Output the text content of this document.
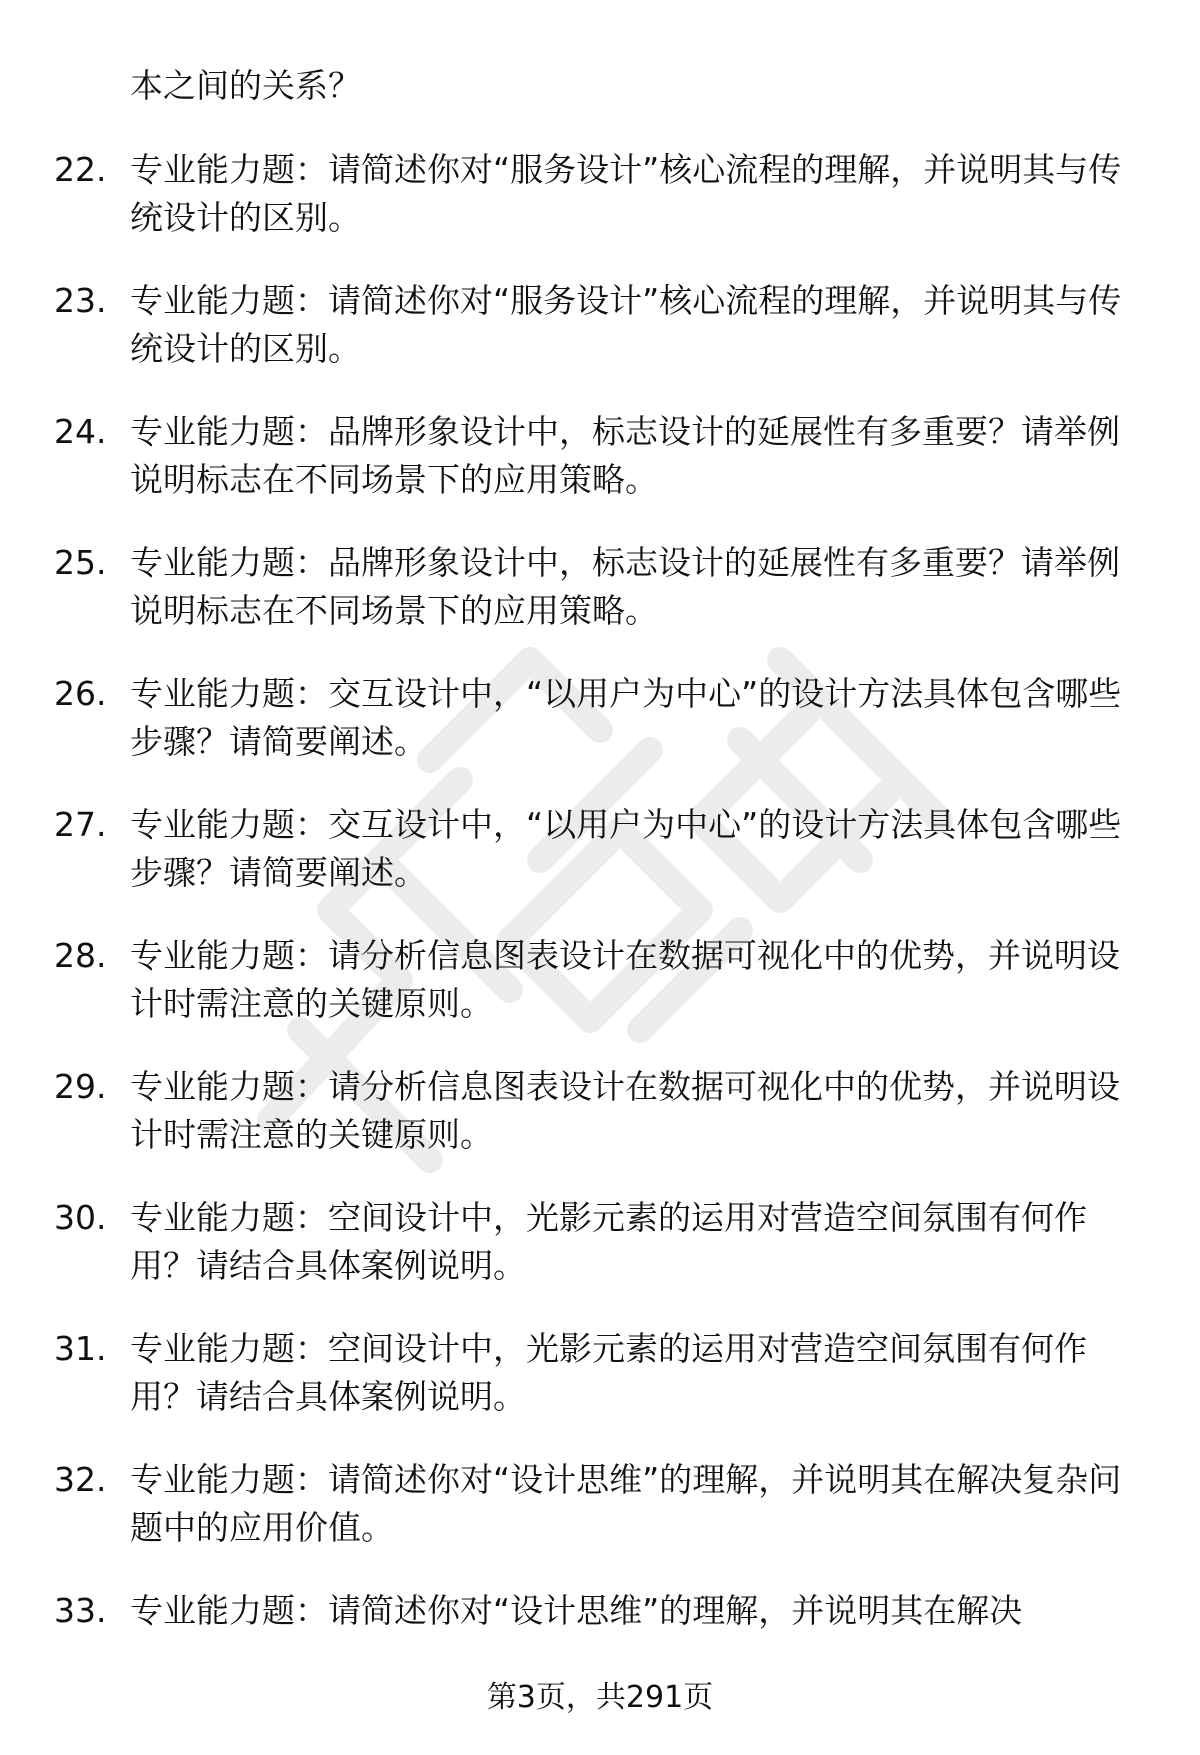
本之间的关系？

22. 专业能力题：请简述你对“服务设计”核心流程的理解，并说明其与传统设计的区别。
23. 专业能力题：请简述你对“服务设计”核心流程的理解，并说明其与传统设计的区别。
24. 专业能力题：品牌形象设计中，标志设计的延展性有多重要？请举例说明标志在不同场景下的应用策略。
25. 专业能力题：品牌形象设计中，标志设计的延展性有多重要？请举例说明标志在不同场景下的应用策略。
26. 专业能力题：交互设计中，“以用户为中心”的设计方法具体包含哪些步骤？请简要阐述。
27. 专业能力题：交互设计中，“以用户为中心”的设计方法具体包含哪些步骤？请简要阐述。
28. 专业能力题：请分析信息图表设计在数据可视化中的优势，并说明设计时需注意的关键原则。
29. 专业能力题：请分析信息图表设计在数据可视化中的优势，并说明设计时需注意的关键原则。
30. 专业能力题：空间设计中，光影元素的运用对营造空间氛围有何作用？请结合具体案例说明。
31. 专业能力题：空间设计中，光影元素的运用对营造空间氛围有何作用？请结合具体案例说明。
32. 专业能力题：请简述你对“设计思维”的理解，并说明其在解决复杂问题中的应用价值。
33. 专业能力题：请简述你对“设计思维”的理解，并说明其在解决
第3页，共291页
